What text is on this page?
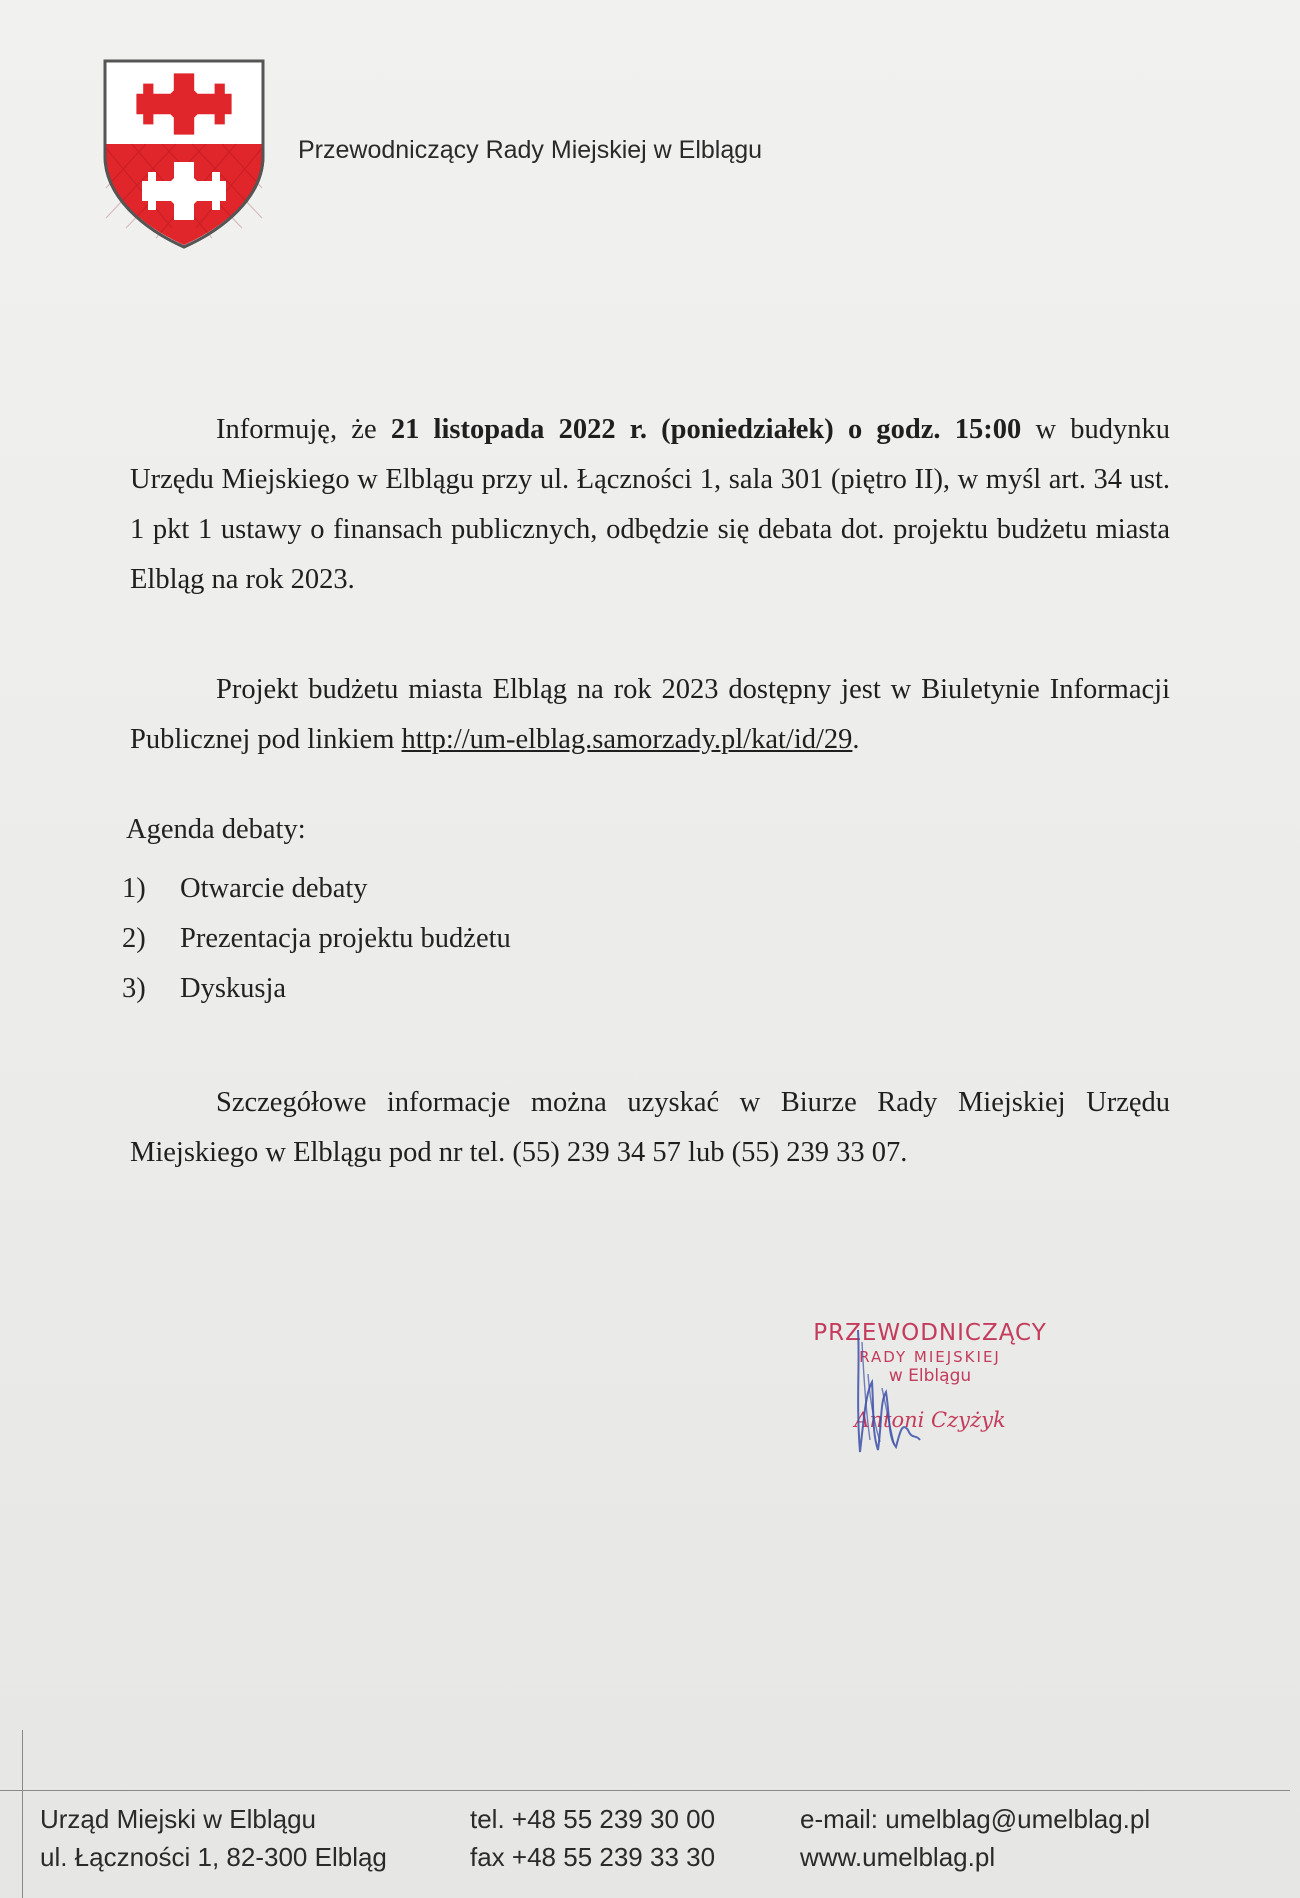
Przewodniczący Rady Miejskiej w Elblągu
Informuję, że 21 listopada 2022 r. (poniedziałek) o godz. 15:00 w budynku Urzędu Miejskiego w Elblągu przy ul. Łączności 1, sala 301 (piętro II), w myśl art. 34 ust. 1 pkt 1 ustawy o finansach publicznych, odbędzie się debata dot. projektu budżetu miasta Elbląg na rok 2023.
Projekt budżetu miasta Elbląg na rok 2023 dostępny jest w Biuletynie Informacji Publicznej pod linkiem http://um-elblag.samorzady.pl/kat/id/29.
Agenda debaty:
1)	Otwarcie debaty
2)	Prezentacja projektu budżetu
3)	Dyskusja
Szczegółowe informacje można uzyskać w Biurze Rady Miejskiej Urzędu Miejskiego w Elblągu pod nr tel. (55) 239 34 57 lub (55) 239 33 07.
PRZEWODNICZĄCY
RADY MIEJSKIEJ
w Elblągu
Antoni Czyżyk
Urząd Miejski w Elblągu
ul. Łączności 1, 82-300 Elbląg
tel. +48 55 239 30 00
fax +48 55 239 33 30
e-mail: umelblag@umelblag.pl
www.umelblag.pl
